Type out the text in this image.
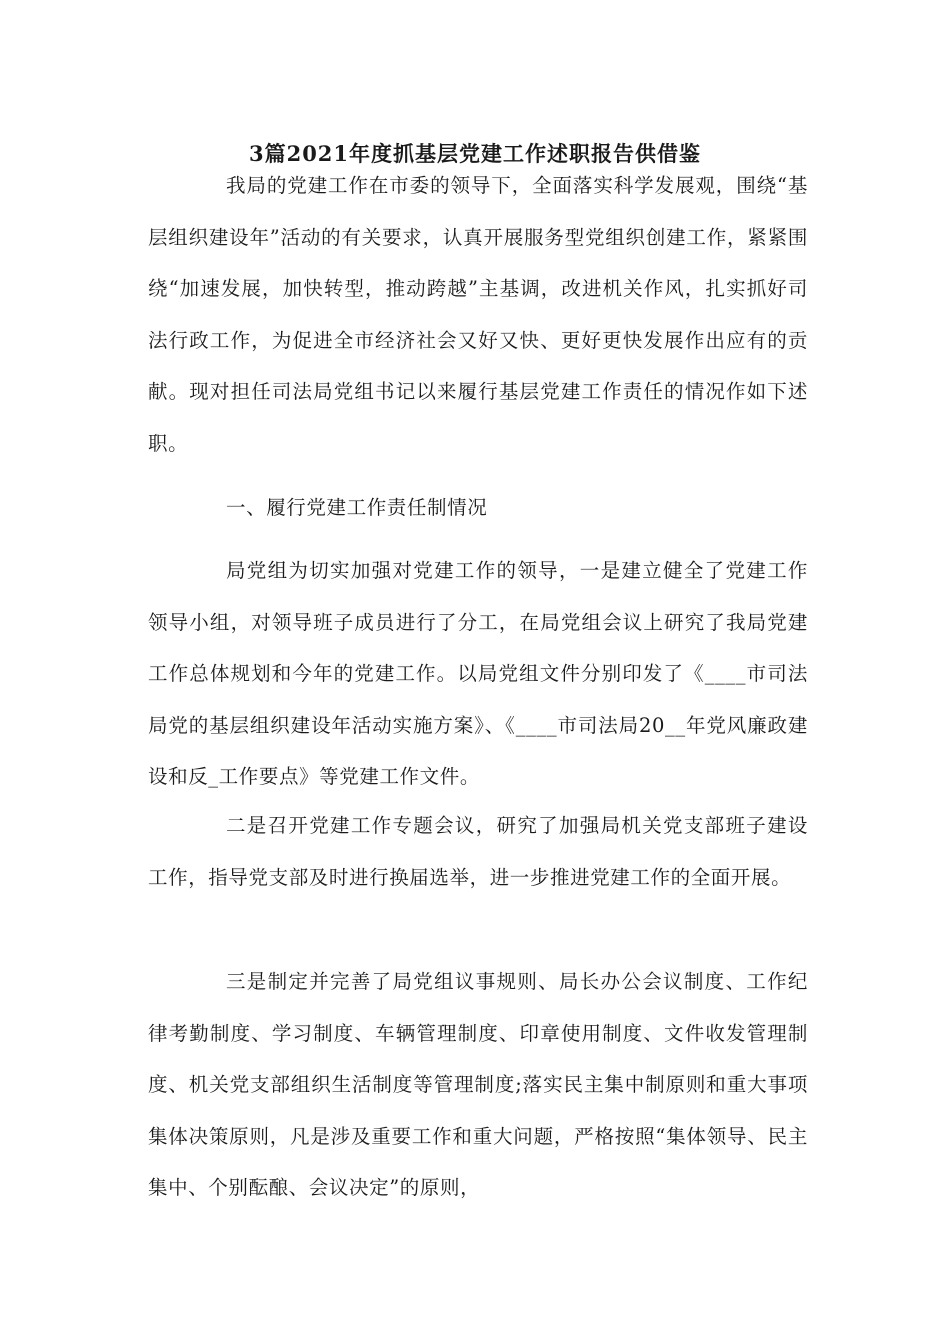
3篇2021年度抓基层党建工作述职报告供借鉴

我局的党建工作在市委的领导下，全面落实科学发展观，围绕“基层组织建设年”活动的有关要求，认真开展服务型党组织创建工作，紧紧围绕“加速发展，加快转型，推动跨越”主基调，改进机关作风，扎实抓好司法行政工作，为促进全市经济社会又好又快、更好更快发展作出应有的贡献。现对担任司法局党组书记以来履行基层党建工作责任的情况作如下述职。

一、履行党建工作责任制情况

局党组为切实加强对党建工作的领导，一是建立健全了党建工作领导小组，对领导班子成员进行了分工，在局党组会议上研究了我局党建工作总体规划和今年的党建工作。以局党组文件分别印发了《____市司法局党的基层组织建设年活动实施方案》、《____市司法局20__年党风廉政建设和反_工作要点》等党建工作文件。

二是召开党建工作专题会议，研究了加强局机关党支部班子建设工作，指导党支部及时进行换届选举，进一步推进党建工作的全面开展。

三是制定并完善了局党组议事规则、局长办公会议制度、工作纪律考勤制度、学习制度、车辆管理制度、印章使用制度、文件收发管理制度、机关党支部组织生活制度等管理制度;落实民主集中制原则和重大事项集体决策原则，凡是涉及重要工作和重大问题，严格按照“集体领导、民主集中、个别酝酿、会议决定”的原则，
